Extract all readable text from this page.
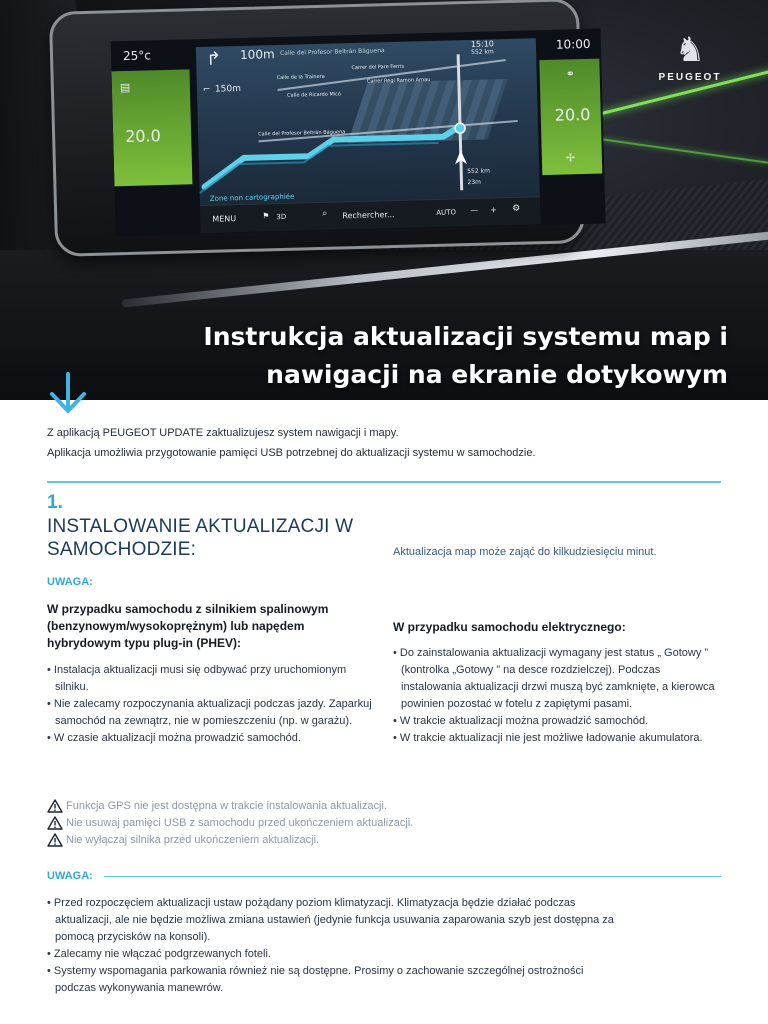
25°c
▤
20.0
⚭
20.0
✢
↱ 100m Calle del Profesor Beltrán Báguena
⌐ 150m
Calle de la Trainera
Carrer del Pare Ferris
Carrer Regi Ramon Arnau
Calle de Ricardo Micó
Calle del Profesor Beltrán Báguena
Zone non cartographiée
552 km
23m
15:10
552 km
10:00
MENU	⚑ 3D	⌕ Rechercher...	AUTO — + ⚙
♞
PEUGEOT
Instrukcja aktualizacji systemu map i
nawigacji na ekranie dotykowym
Z aplikacją PEUGEOT UPDATE zaktualizujesz system nawigacji i mapy.
Aplikacja umożliwia przygotowanie pamięci USB potrzebnej do aktualizacji systemu w samochodzie.
1.
INSTALOWANIE AKTUALIZACJI W
SAMOCHODZIE:	Aktualizacja map może zająć do kilkudziesięciu minut.
UWAGA:
W przypadku samochodu z silnikiem spalinowym
(benzynowym/wysokoprężnym) lub napędem
hybrydowym typu plug-in (PHEV):
• Instalacja aktualizacji musi się odbywać przy uruchomionym silniku.
• Nie zalecamy rozpoczynania aktualizacji podczas jazdy. Zaparkuj samochód na zewnątrz, nie w pomieszczeniu (np. w garażu).
• W czasie aktualizacji można prowadzić samochód.
W przypadku samochodu elektrycznego:
• Do zainstalowania aktualizacji wymagany jest status „ Gotowy ” (kontrolka „Gotowy ” na desce rozdzielczej). Podczas instalowania aktualizacji drzwi muszą być zamknięte, a kierowca powinien pozostać w fotelu z zapiętymi pasami.
• W trakcie aktualizacji można prowadzić samochód.
• W trakcie aktualizacji nie jest możliwe ładowanie akumulatora.
Funkcja GPS nie jest dostępna w trakcie instalowania aktualizacji.
Nie usuwaj pamięci USB z samochodu przed ukończeniem aktualizacji.
Nie wyłączaj silnika przed ukończeniem aktualizacji.
UWAGA:
• Przed rozpoczęciem aktualizacji ustaw pożądany poziom klimatyzacji. Klimatyzacja będzie działać podczas aktualizacji, ale nie będzie możliwa zmiana ustawień (jedynie funkcja usuwania zaparowania szyb jest dostępna za pomocą przycisków na konsoli).
• Zalecamy nie włączać podgrzewanych foteli.
• Systemy wspomagania parkowania również nie są dostępne. Prosimy o zachowanie szczególnej ostrożności podczas wykonywania manewrów.
